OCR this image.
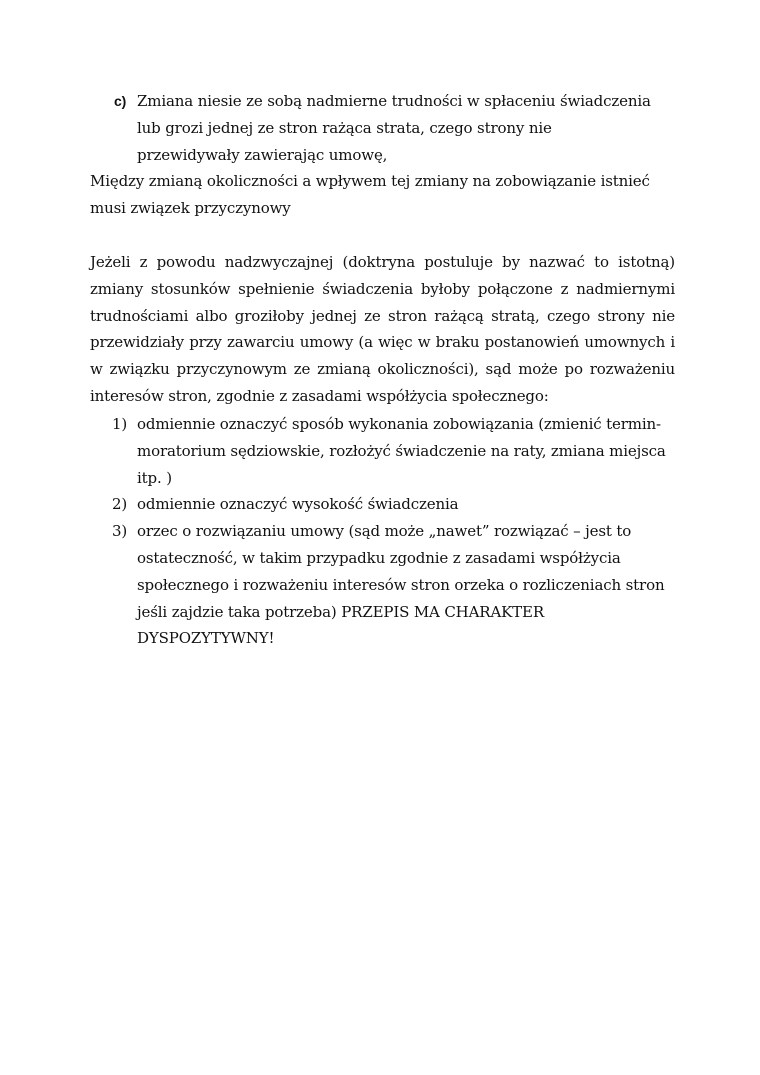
c) Zmiana niesie ze sobą nadmierne trudności w spłaceniu świadczenia lub grozi jednej ze stron rażąca strata, czego strony nie przewidywały zawierając umowę,
Między zmianą okoliczności a wpływem tej zmiany na zobowiązanie istnieć musi związek przyczynowy
Jeżeli z powodu nadzwyczajnej (doktryna postuluje by nazwać to istotną) zmiany stosunków spełnienie świadczenia byłoby połączone z nadmiernymi trudnościami albo groziłoby jednej ze stron rażącą stratą, czego strony nie przewidziały przy zawarciu umowy (a więc w braku postanowień umownych i w związku przyczynowym ze zmianą okoliczności), sąd może po rozważeniu interesów stron, zgodnie z zasadami współżycia społecznego:
1) odmiennie oznaczyć sposób wykonania zobowiązania (zmienić termin-moratorium sędziowskie, rozłożyć świadczenie na raty, zmiana miejsca itp. )
2) odmiennie oznaczyć wysokość świadczenia
3) orzec o rozwiązaniu umowy (sąd może „nawet” rozwiązać – jest to ostateczność, w takim przypadku zgodnie z zasadami współżycia społecznego i rozważeniu interesów stron orzeka o rozliczeniach stron jeśli zajdzie taka potrzeba) PRZEPIS MA CHARAKTER DYSPOZYTYWNY!
